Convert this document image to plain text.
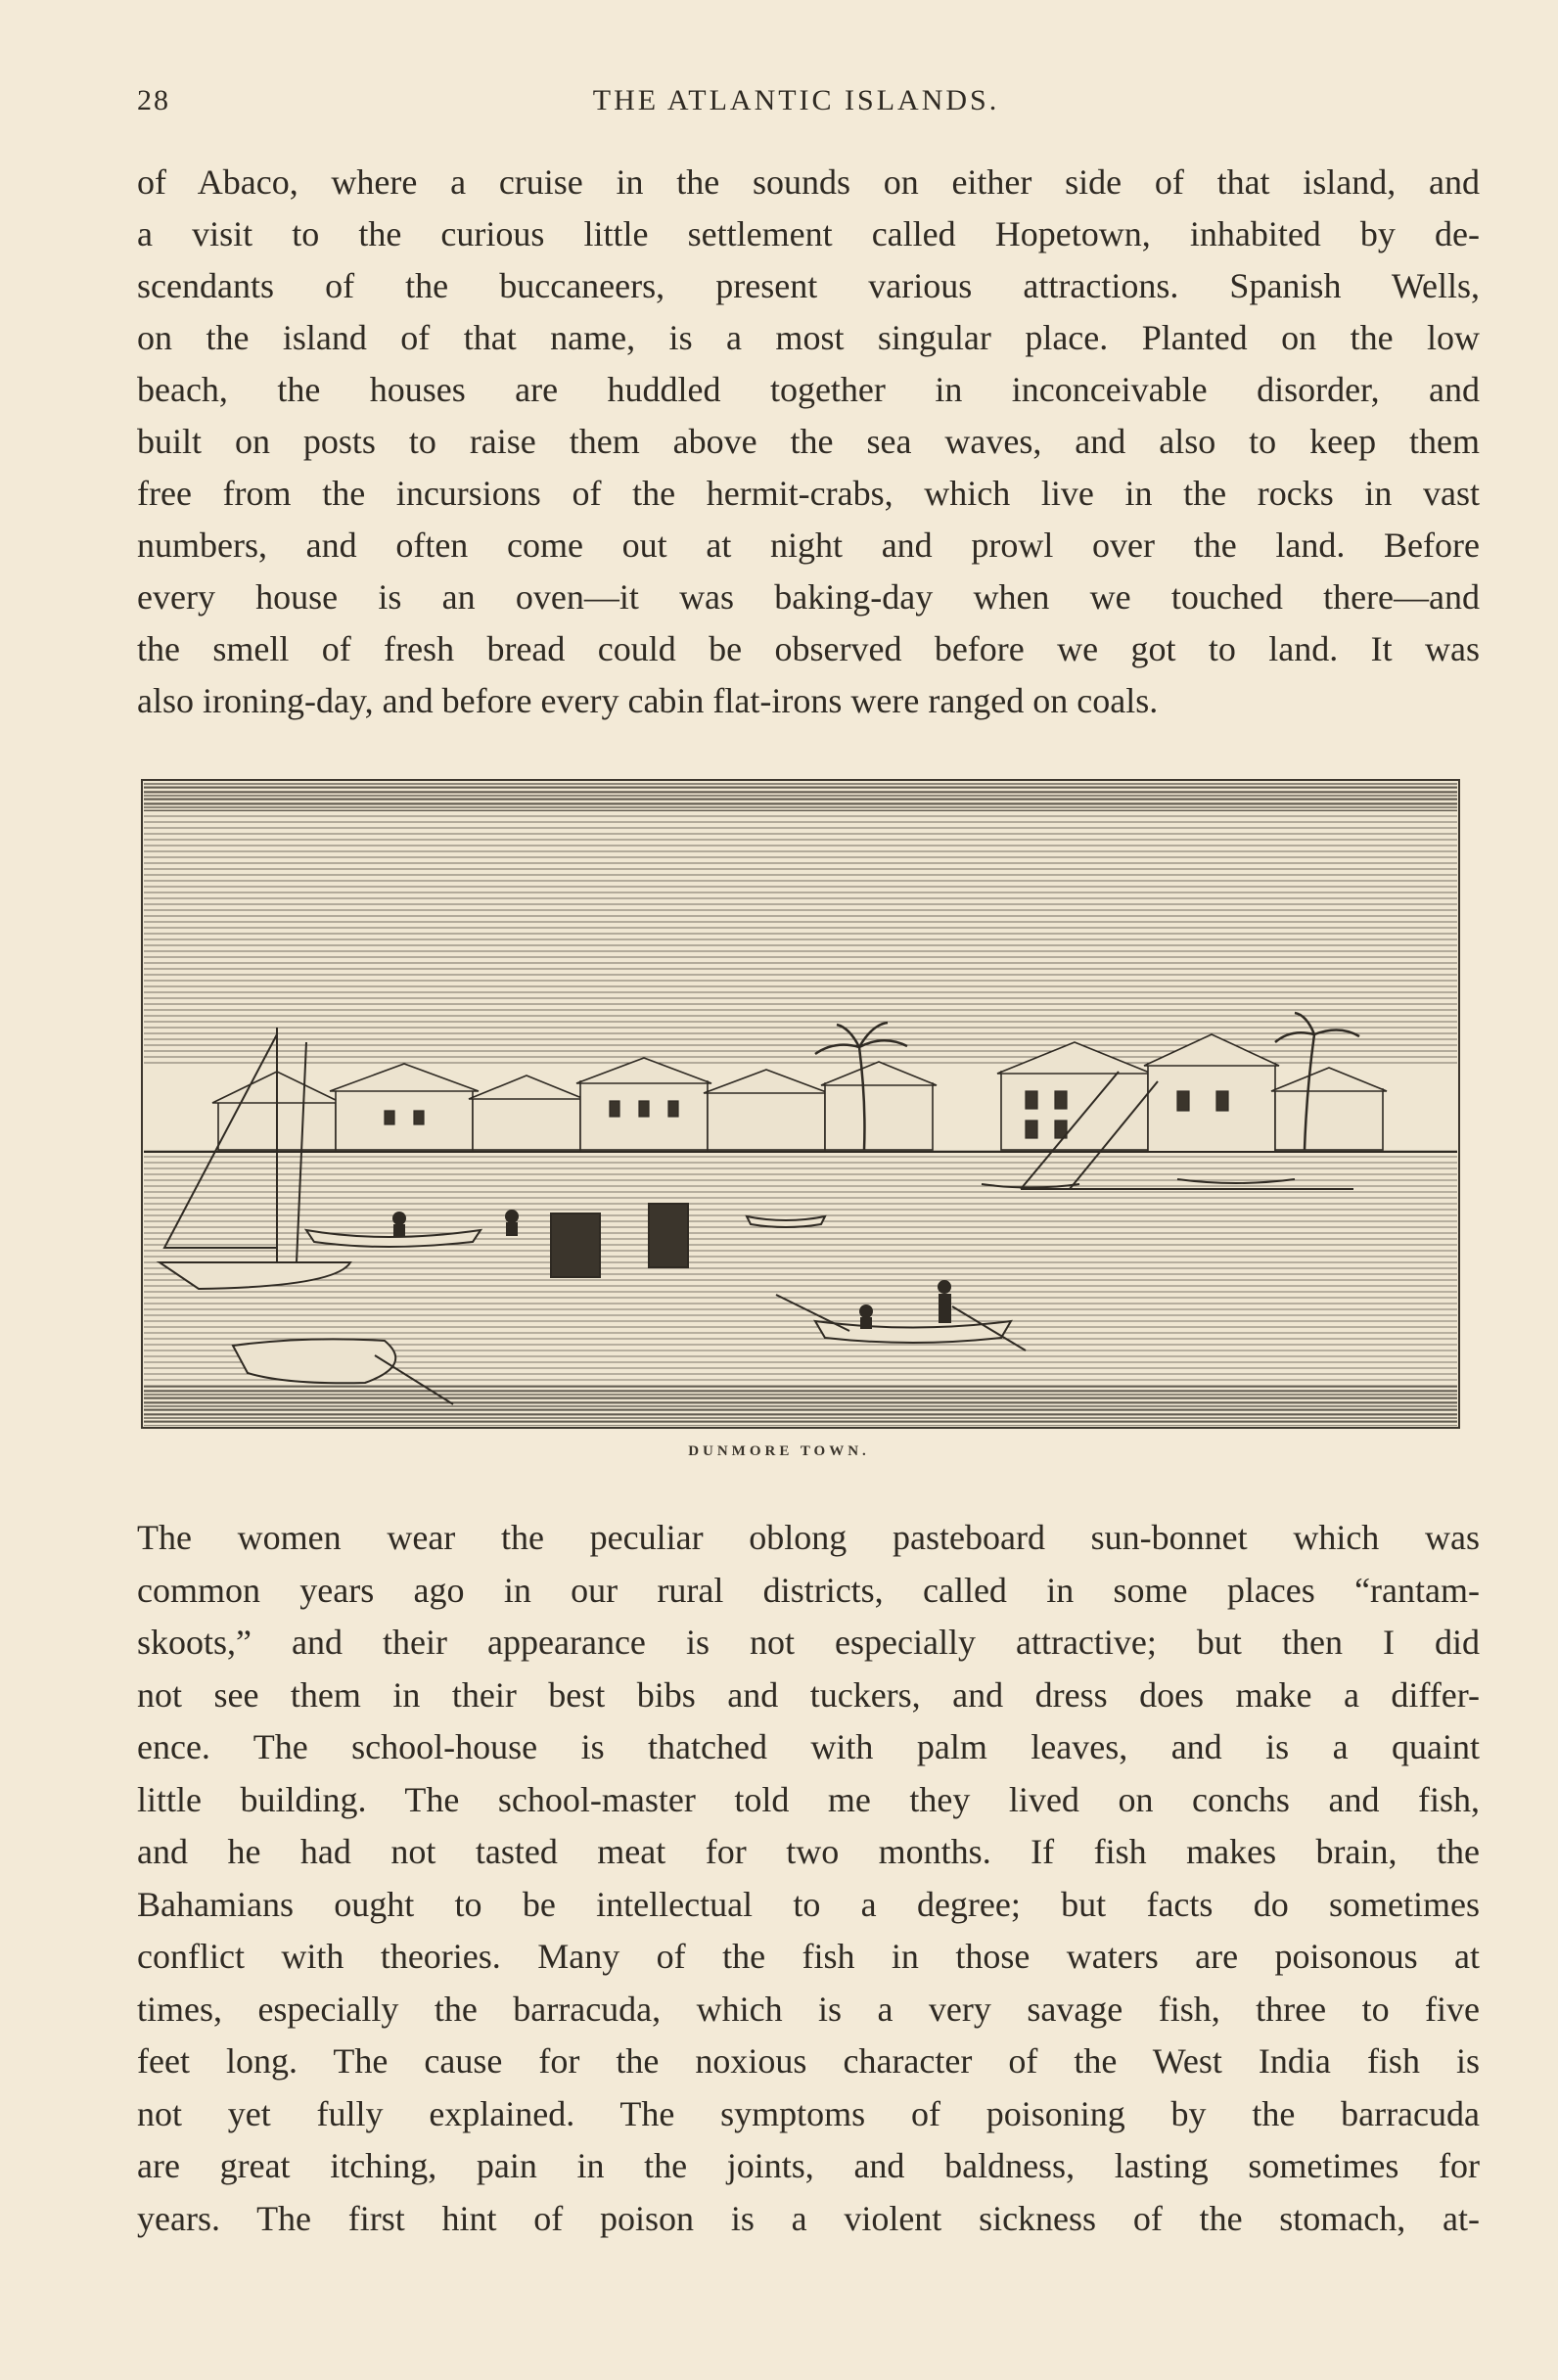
28	THE ATLANTIC ISLANDS.
of Abaco, where a cruise in the sounds on either side of that island, and
a visit to the curious little settlement called Hopetown, inhabited by de-
scendants of the buccaneers, present various attractions. Spanish Wells,
on the island of that name, is a most singular place. Planted on the low
beach, the houses are huddled together in inconceivable disorder, and
built on posts to raise them above the sea waves, and also to keep them
free from the incursions of the hermit-crabs, which live in the rocks in vast
numbers, and often come out at night and prowl over the land. Before
every house is an oven—it was baking-day when we touched there—and
the smell of fresh bread could be observed before we got to land. It was
also ironing-day, and before every cabin flat-irons were ranged on coals.
DUNMORE TOWN.
The women wear the peculiar oblong pasteboard sun-bonnet which was
common years ago in our rural districts, called in some places “rantam-
skoots,” and their appearance is not especially attractive; but then I did
not see them in their best bibs and tuckers, and dress does make a differ-
ence. The school-house is thatched with palm leaves, and is a quaint
little building. The school-master told me they lived on conchs and fish,
and he had not tasted meat for two months. If fish makes brain, the
Bahamians ought to be intellectual to a degree; but facts do sometimes
conflict with theories. Many of the fish in those waters are poisonous at
times, especially the barracuda, which is a very savage fish, three to five
feet long. The cause for the noxious character of the West India fish is
not yet fully explained. The symptoms of poisoning by the barracuda
are great itching, pain in the joints, and baldness, lasting sometimes for
years. The first hint of poison is a violent sickness of the stomach, at-
